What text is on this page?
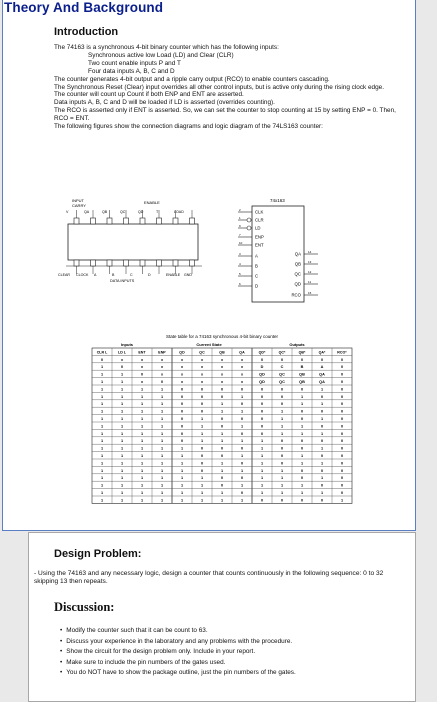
Theory And Background
Introduction

The 74163 is a synchronous 4-bit binary counter which has the following inputs:

Synchronous active low Load (LD) and Clear (CLR)

Two count enable inputs P and T

Four data inputs A, B, C and D

The counter generates 4-bit output and a ripple carry output (RCO) to enable counters cascading.

The Synchronous Reset (Clear) input overrides all other control inputs, but is active only during the rising clock edge.

The counter will count up Count if both ENP and ENT are asserted.

Data inputs A, B, C and D will be loaded if LD is asserted (overrides counting).

The RCO is asserted only if ENT is asserted. So, we can set the counter to stop counting at 15 by setting ENP = 0. Then, RCO = ENT.

The following figures show the connection diagrams and logic diagram of the 74LS163 counter:

INPUT
CARRY
ENABLE
V	QA	QB	QC	QD	T	LOAD
CLEAR CLOCK A	B	C	D	ENABLE GND
DATA INPUTS
74x163
CLK
2
CLR
1
LD
9
ENP
7
ENT
10
A
3
B
4
C
5
D
6
QA 14
QB 13
QC 12
QD 11
RCO 15
State table for a 74163 synchronous 4-bit binary counter
Inputs	Current State	Outputs
CLR L	LD L	ENT	ENP	QD	QC	QB	QA	QD*	QC*	QB*	QA*	RCO*
0	x	x	x	x	x	x	x	0	0	0	0	0
1	0	x	x	x	x	x	x	D	C	B	A	0
1	1	0	x	x	x	x	x	QD	QC	QB	QA	0
1	1	x	0	x	x	x	x	QD	QC	QB	QA	0
1	1	1	1	0	0	0	0	0	0	0	1	0
1	1	1	1	0	0	0	1	0	0	1	0	0
1	1	1	1	0	0	1	0	0	0	1	1	0
1	1	1	1	0	0	1	1	0	1	0	0	0
1	1	1	1	0	1	0	0	0	1	0	1	0
1	1	1	1	0	1	0	1	0	1	1	0	0
1	1	1	1	0	1	1	0	0	1	1	1	0
1	1	1	1	0	1	1	1	1	0	0	0	0
1	1	1	1	1	0	0	0	1	0	0	1	0
1	1	1	1	1	0	0	1	1	0	1	0	0
1	1	1	1	1	0	1	0	1	0	1	1	0
1	1	1	1	1	0	1	1	1	1	0	0	0
1	1	1	1	1	1	0	0	1	1	0	1	0
1	1	1	1	1	1	0	1	1	1	1	0	0
1	1	1	1	1	1	1	0	1	1	1	1	0
1	1	1	1	1	1	1	1	0	0	0	0	1
Design Problem:
- Using the 74163 and any necessary logic, design a counter that counts continuously in the following sequence: 0 to 32 skipping 13 then repeats.
Discussion:
• Modify the counter such that it can be count to 63.
• Discuss your experience in the laboratory and any problems with the procedure.
• Show the circuit for the design problem only. Include in your report.
• Make sure to include the pin numbers of the gates used.
• You do NOT have to show the package outline, just the pin numbers of the gates.
